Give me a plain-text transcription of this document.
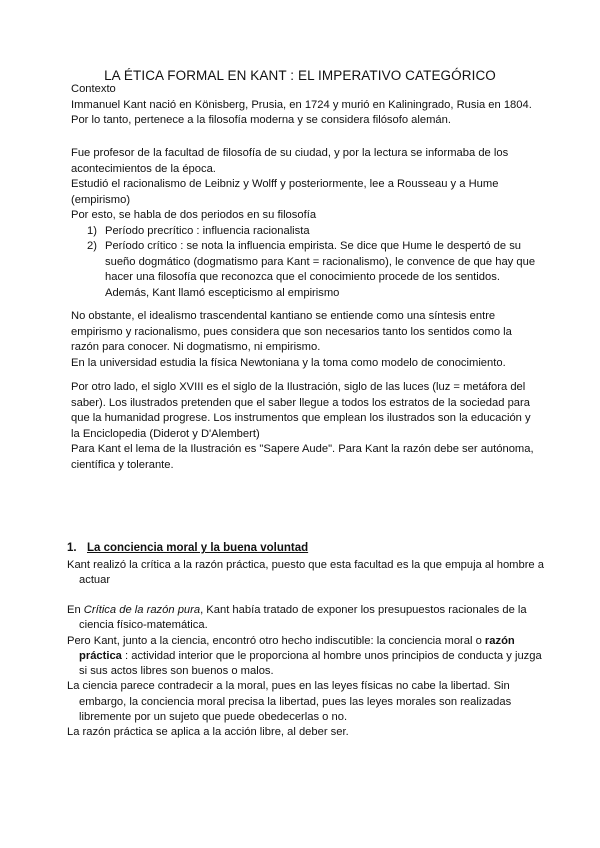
LA ÉTICA FORMAL EN KANT : EL IMPERATIVO CATEGÓRICO

Contexto

Immanuel Kant nació en Könisberg, Prusia, en 1724 y murió en Kaliningrado, Rusia en 1804. Por lo tanto, pertenece a la filosofía moderna y se considera filósofo alemán.

Fue profesor de la facultad de filosofía de su ciudad, y por la lectura se informaba de los acontecimientos de la época.

Estudió el racionalismo de Leibniz y Wolff y posteriormente, lee a Rousseau y a Hume (empirismo)

Por esto, se habla de dos periodos en su filosofía

1) Período precrítico : influencia racionalista
2) Período crítico : se nota la influencia empirista. Se dice que Hume le despertó de su sueño dogmático (dogmatismo para Kant = racionalismo), le convence de que hay que hacer una filosofía que reconozca que el conocimiento procede de los sentidos. Además, Kant llamó escepticismo al empirismo

No obstante, el idealismo trascendental kantiano se entiende como una síntesis entre empirismo y racionalismo, pues considera que son necesarios tanto los sentidos como la razón para conocer. Ni dogmatismo, ni empirismo.

En la universidad estudia la física Newtoniana y la toma como modelo de conocimiento.

Por otro lado, el siglo XVIII es el siglo de la Ilustración, siglo de las luces (luz = metáfora del saber). Los ilustrados pretenden que el saber llegue a todos los estratos de la sociedad para que la humanidad progrese. Los instrumentos que emplean los ilustrados son la educación y la Enciclopedia (Diderot y D'Alembert)

Para Kant el lema de la Ilustración es "Sapere Aude". Para Kant la razón debe ser autónoma, científica y tolerante.

1. La conciencia moral y la buena voluntad

Kant realizó la crítica a la razón práctica, puesto que esta facultad es la que empuja al hombre a actuar

En Crítica de la razón pura, Kant había tratado de exponer los presupuestos racionales de la ciencia físico-matemática.

Pero Kant, junto a la ciencia, encontró otro hecho indiscutible: la conciencia moral o razón práctica : actividad interior que le proporciona al hombre unos principios de conducta y juzga si sus actos libres son buenos o malos.

La ciencia parece contradecir a la moral, pues en las leyes físicas no cabe la libertad. Sin embargo, la conciencia moral precisa la libertad, pues las leyes morales son realizadas libremente por un sujeto que puede obedecerlas o no.

La razón práctica se aplica a la acción libre, al deber ser.
